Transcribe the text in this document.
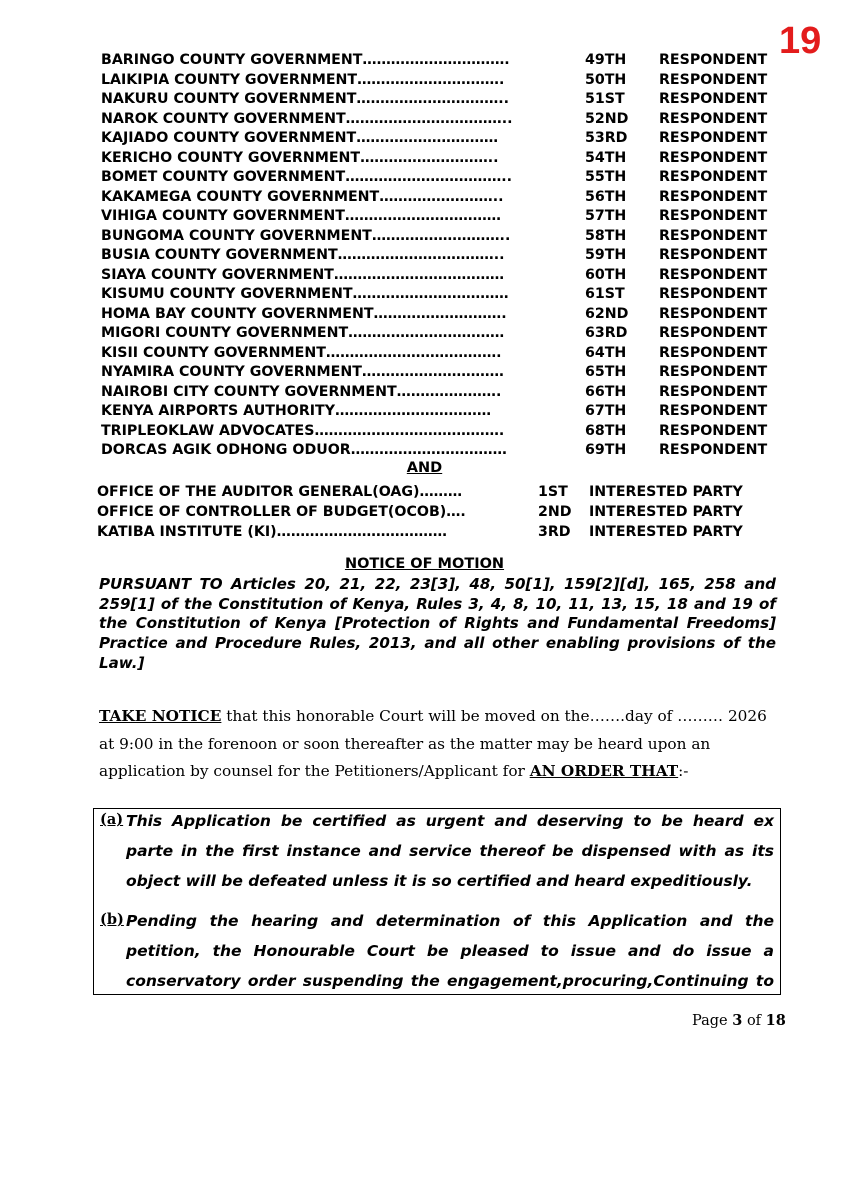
19
BARINGO COUNTY GOVERNMENT………………………….	49TH RESPONDENT
LAIKIPIA COUNTY GOVERNMENT………………………….	50TH RESPONDENT
NAKURU COUNTY GOVERNMENT…………………………..	51ST RESPONDENT
NAROK COUNTY GOVERNMENT……………………………..	52ND RESPONDENT
KAJIADO COUNTY GOVERNMENT…………………………	53RD RESPONDENT
KERICHO COUNTY GOVERNMENT………………………..	54TH RESPONDENT
BOMET COUNTY GOVERNMENT……………………………..	55TH RESPONDENT
KAKAMEGA COUNTY GOVERNMENT……………………..	56TH RESPONDENT
VIHIGA COUNTY GOVERNMENT……………………………	57TH RESPONDENT
BUNGOMA COUNTY GOVERNMENT………………………..	58TH RESPONDENT
BUSIA COUNTY GOVERNMENT……………………………..	59TH RESPONDENT
SIAYA COUNTY GOVERNMENT………………………………	60TH RESPONDENT
KISUMU COUNTY GOVERNMENT……………………………	61ST RESPONDENT
HOMA BAY COUNTY GOVERNMENT……………………….	62ND RESPONDENT
MIGORI COUNTY GOVERNMENT……………………………	63RD RESPONDENT
KISII COUNTY GOVERNMENT……………………………….	64TH RESPONDENT
NYAMIRA COUNTY GOVERNMENT…………………………	65TH RESPONDENT
NAIROBI CITY COUNTY GOVERNMENT………………….	66TH RESPONDENT
KENYA AIRPORTS AUTHORITY……………………………	67TH RESPONDENT
TRIPLEOKLAW ADVOCATES………………………………….	68TH RESPONDENT
DORCAS AGIK ODHONG ODUOR……………………………	69TH RESPONDENT
AND
OFFICE OF THE AUDITOR GENERAL(OAG)………	1ST INTERESTED PARTY
OFFICE OF CONTROLLER OF BUDGET(OCOB)….	2ND INTERESTED PARTY
KATIBA INSTITUTE (KI)………………………………	3RD INTERESTED PARTY
NOTICE OF MOTION
PURSUANT TO Articles 20, 21, 22, 23[3], 48, 50[1], 159[2][d], 165, 258 and 259[1] of the Constitution of Kenya, Rules 3, 4, 8, 10, 11, 13, 15, 18 and 19 of the Constitution of Kenya [Protection of Rights and Fundamental Freedoms] Practice and Procedure Rules, 2013, and all other enabling provisions of the Law.]
TAKE NOTICE that this honorable Court will be moved on the…….day of ……… 2026 at 9:00 in the forenoon or soon thereafter as the matter may be heard upon an application by counsel for the Petitioners/Applicant for AN ORDER THAT:-
(a) This Application be certified as urgent and deserving to be heard ex
parte in the first instance and service thereof be dispensed with as its
object will be defeated unless it is so certified and heard expeditiously.
(b) Pending the hearing and determination of this Application and the
petition, the Honourable Court be pleased to issue and do issue a
conservatory order suspending the engagement,procuring,Continuing to
Page 3 of 18
